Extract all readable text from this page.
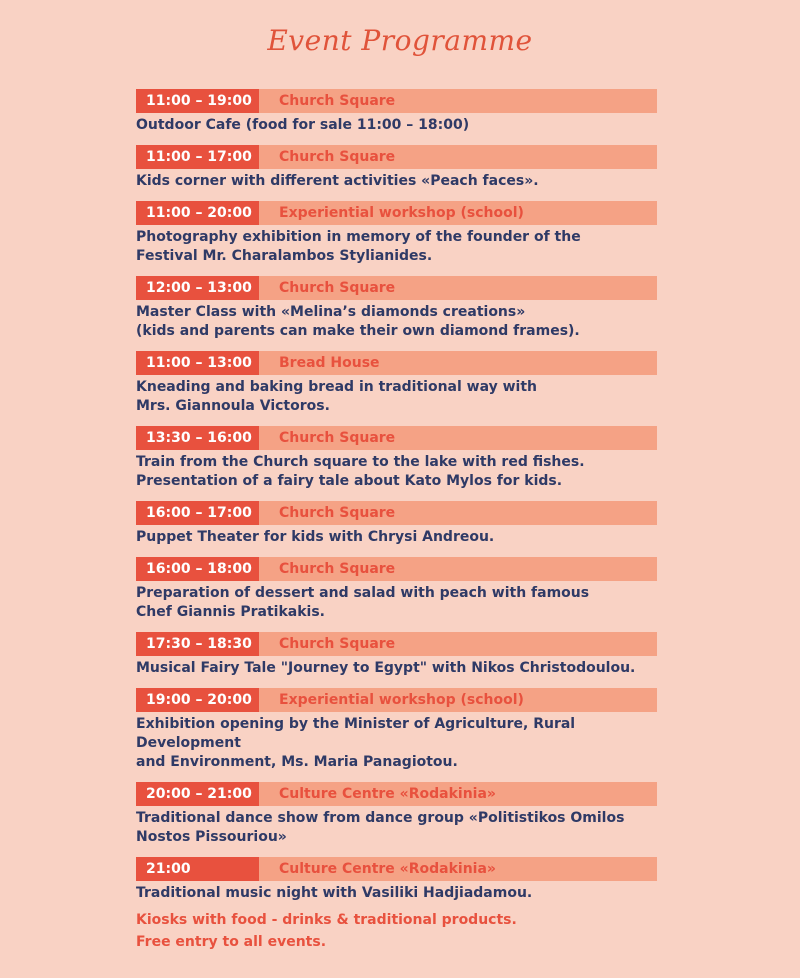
Event Programme
11:00 – 19:00	Church Square
Outdoor Cafe (food for sale 11:00 – 18:00)
11:00 – 17:00	Church Square
Kids corner with different activities «Peach faces».
11:00 – 20:00	Experiential workshop (school)
Photography exhibition in memory of the founder of the
Festival Mr. Charalambos Stylianides.
12:00 – 13:00	Church Square
Master Class with «Melina’s diamonds creations»
(kids and parents can make their own diamond frames).
11:00 – 13:00	Bread House
Kneading and baking bread in traditional way with
Mrs. Giannoula Victoros.
13:30 – 16:00	Church Square
Train from the Church square to the lake with red fishes.
Presentation of a fairy tale about Kato Mylos for kids.
16:00 – 17:00	Church Square
Puppet Theater for kids with Chrysi Andreou.
16:00 – 18:00	Church Square
Preparation of dessert and salad with peach with famous
Chef Giannis Pratikakis.
17:30 – 18:30	Church Square
Musical Fairy Tale "Journey to Egypt" with Nikos Christodoulou.
19:00 – 20:00	Experiential workshop (school)
Exhibition opening by the Minister of Agriculture, Rural Development
and Environment, Ms. Maria Panagiotou.
20:00 – 21:00	Culture Centre «Rodakinia»
Traditional dance show from dance group «Politistikos Omilos
Nostos Pissouriou»
21:00	Culture Centre «Rodakinia»
Traditional music night with Vasiliki Hadjiadamou.
Kiosks with food - drinks & traditional products.
Free entry to all events.
